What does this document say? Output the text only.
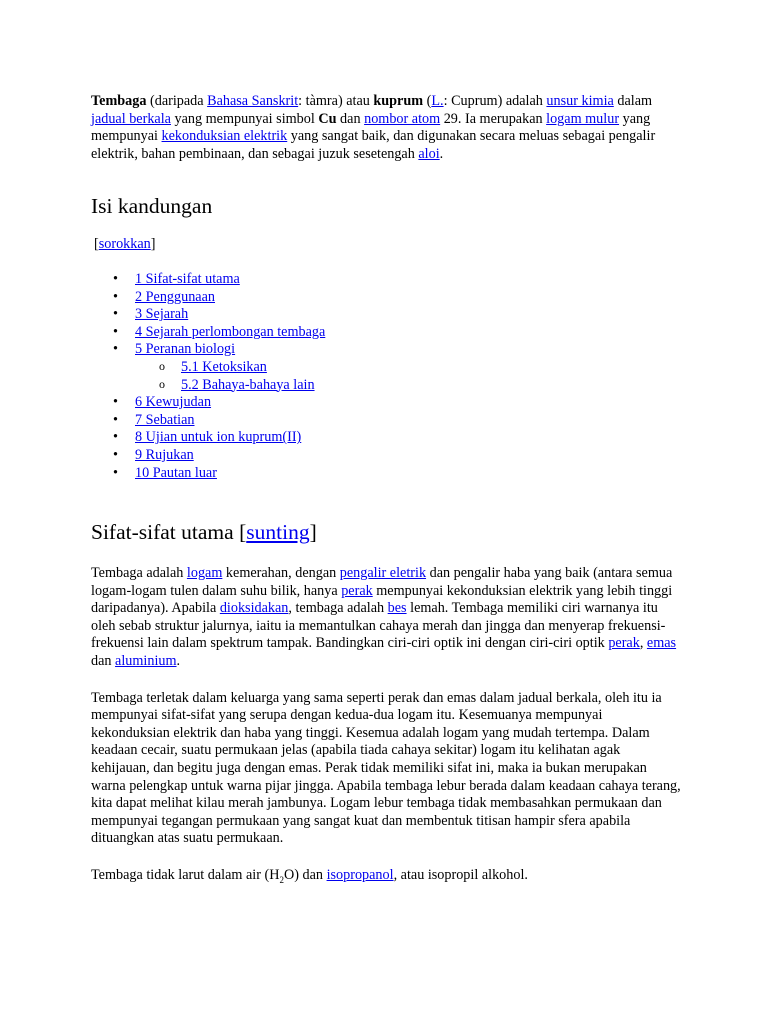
Tembaga (daripada Bahasa Sanskrit: tàmra) atau kuprum (L.: Cuprum) adalah unsur kimia dalam jadual berkala yang mempunyai simbol Cu dan nombor atom 29. Ia merupakan logam mulur yang mempunyai kekonduksian elektrik yang sangat baik, dan digunakan secara meluas sebagai pengalir elektrik, bahan pembinaan, dan sebagai juzuk sesetengah aloi.

Isi kandungan

[sorokkan]

• 1 Sifat-sifat utama
• 2 Penggunaan
• 3 Sejarah
• 4 Sejarah perlombongan tembaga
• 5 Peranan biologi
o 5.1 Ketoksikan
o 5.2 Bahaya-bahaya lain
• 6 Kewujudan
• 7 Sebatian
• 8 Ujian untuk ion kuprum(II)
• 9 Rujukan
• 10 Pautan luar
Sifat-sifat utama [sunting]

Tembaga adalah logam kemerahan, dengan pengalir eletrik dan pengalir haba yang baik (antara semua logam-logam tulen dalam suhu bilik, hanya perak mempunyai kekonduksian elektrik yang lebih tinggi daripadanya). Apabila dioksidakan, tembaga adalah bes lemah. Tembaga memiliki ciri warnanya itu oleh sebab struktur jalurnya, iaitu ia memantulkan cahaya merah dan jingga dan menyerap frekuensi-frekuensi lain dalam spektrum tampak. Bandingkan ciri-ciri optik ini dengan ciri-ciri optik perak, emas dan aluminium.

Tembaga terletak dalam keluarga yang sama seperti perak dan emas dalam jadual berkala, oleh itu ia mempunyai sifat-sifat yang serupa dengan kedua-dua logam itu. Kesemuanya mempunyai kekonduksian elektrik dan haba yang tinggi. Kesemua adalah logam yang mudah tertempa. Dalam keadaan cecair, suatu permukaan jelas (apabila tiada cahaya sekitar) logam itu kelihatan agak kehijauan, dan begitu juga dengan emas. Perak tidak memiliki sifat ini, maka ia bukan merupakan warna pelengkap untuk warna pijar jingga. Apabila tembaga lebur berada dalam keadaan cahaya terang, kita dapat melihat kilau merah jambunya. Logam lebur tembaga tidak membasahkan permukaan dan mempunyai tegangan permukaan yang sangat kuat dan membentuk titisan hampir sfera apabila dituangkan atas suatu permukaan.

Tembaga tidak larut dalam air $(H_2O)$ dan isopropanol, atau isopropil alkohol.
